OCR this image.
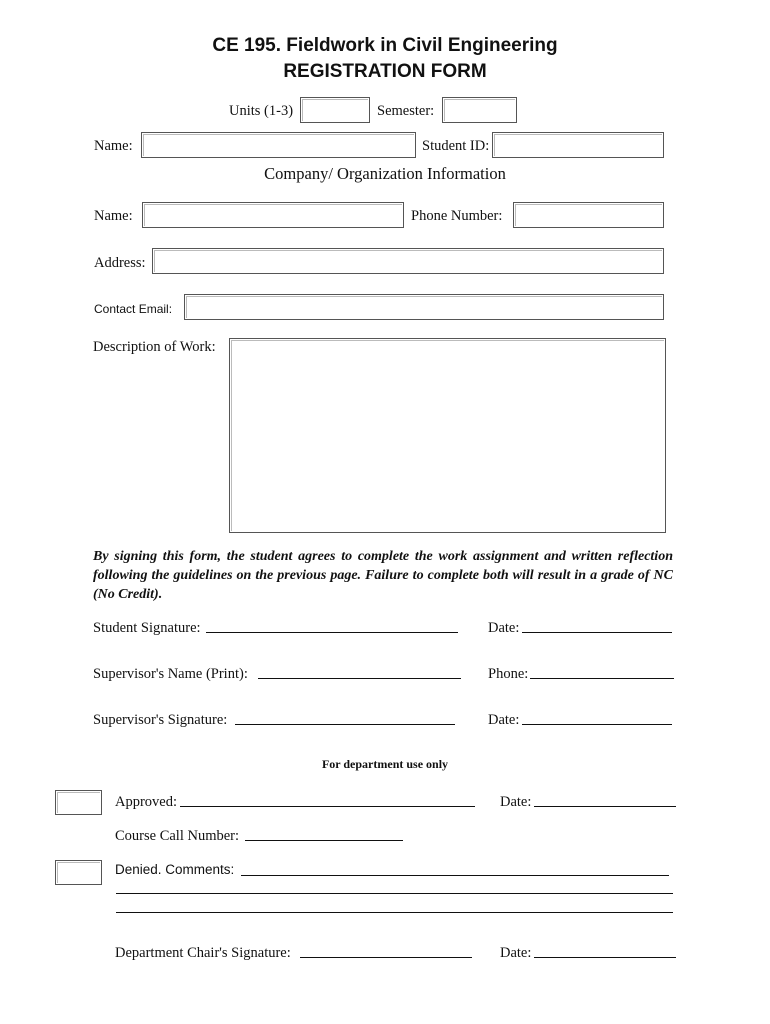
CE 195. Fieldwork in Civil Engineering
REGISTRATION FORM
Units (1-3)	Semester:
Name:	Student ID:
Company/ Organization Information
Name:	Phone Number:
Address:
Contact Email:
Description of Work:
By signing this form, the student agrees to complete the work assignment and written reflection following the guidelines on the previous page. Failure to complete both will result in a grade of NC (No Credit).
Student Signature:	Date:
Supervisor's Name (Print):	Phone:
Supervisor's Signature:	Date:
For department use only
Approved:	Date:
Course Call Number:
Denied. Comments:
Department Chair's Signature:	Date:
